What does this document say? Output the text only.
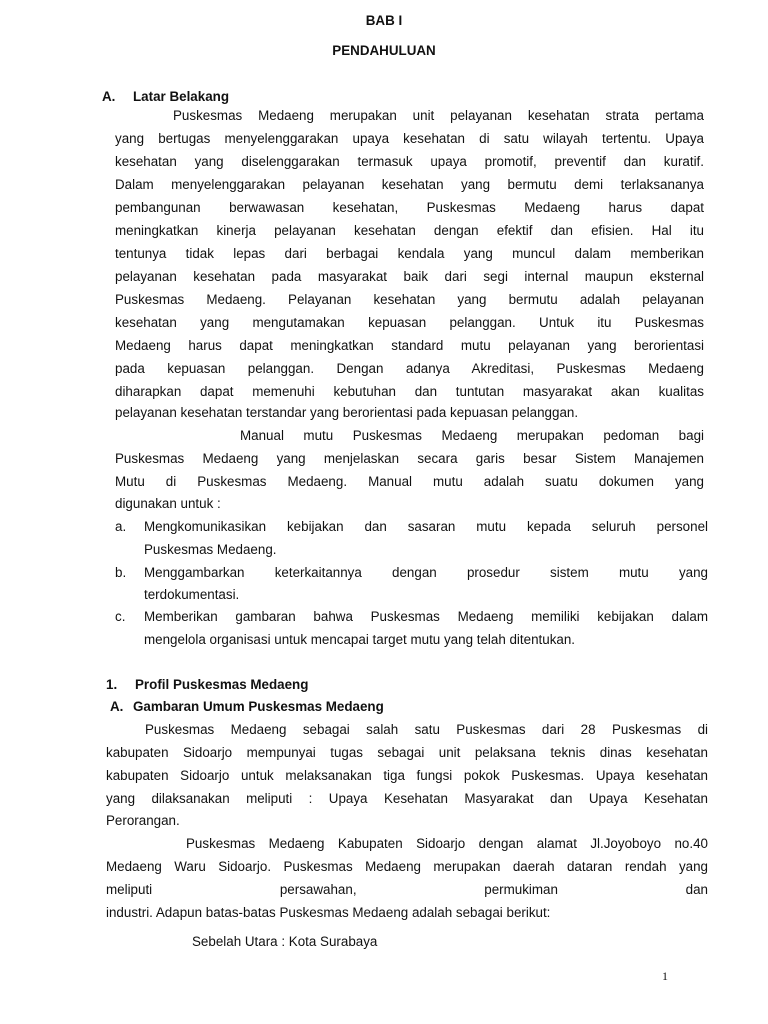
BAB I

PENDAHULUAN

A. Latar Belakang

Puskesmas Medaeng merupakan unit pelayanan kesehatan strata pertama

yang bertugas menyelenggarakan upaya kesehatan di satu wilayah tertentu. Upaya

kesehatan yang diselenggarakan termasuk upaya promotif, preventif dan kuratif.

Dalam menyelenggarakan pelayanan kesehatan yang bermutu demi terlaksananya

pembangunan berwawasan kesehatan, Puskesmas Medaeng harus dapat

meningkatkan kinerja pelayanan kesehatan dengan efektif dan efisien. Hal itu

tentunya tidak lepas dari berbagai kendala yang muncul dalam memberikan

pelayanan kesehatan pada masyarakat baik dari segi internal maupun eksternal

Puskesmas Medaeng. Pelayanan kesehatan yang bermutu adalah pelayanan

kesehatan yang mengutamakan kepuasan pelanggan. Untuk itu Puskesmas

Medaeng harus dapat meningkatkan standard mutu pelayanan yang berorientasi

pada kepuasan pelanggan. Dengan adanya Akreditasi, Puskesmas Medaeng

diharapkan dapat memenuhi kebutuhan dan tuntutan masyarakat akan kualitas

pelayanan kesehatan terstandar yang berorientasi pada kepuasan pelanggan.

Manual mutu Puskesmas Medaeng merupakan pedoman bagi

Puskesmas Medaeng yang menjelaskan secara garis besar Sistem Manajemen

Mutu di Puskesmas Medaeng. Manual mutu adalah suatu dokumen yang

digunakan untuk :

a. Mengkomunikasikan kebijakan dan sasaran mutu kepada seluruh personel

Puskesmas Medaeng.

b. Menggambarkan keterkaitannya dengan prosedur sistem mutu yang

terdokumentasi.

c. Memberikan gambaran bahwa Puskesmas Medaeng memiliki kebijakan dalam

mengelola organisasi untuk mencapai target mutu yang telah ditentukan.

1. Profil Puskesmas Medaeng

A. Gambaran Umum Puskesmas Medaeng

Puskesmas Medaeng sebagai salah satu Puskesmas dari 28 Puskesmas di

kabupaten Sidoarjo mempunyai tugas sebagai unit pelaksana teknis dinas kesehatan

kabupaten Sidoarjo untuk melaksanakan tiga fungsi pokok Puskesmas. Upaya kesehatan

yang dilaksanakan meliputi : Upaya Kesehatan Masyarakat dan Upaya Kesehatan

Perorangan.

Puskesmas Medaeng Kabupaten Sidoarjo dengan alamat Jl.Joyoboyo no.40

Medaeng Waru Sidoarjo. Puskesmas Medaeng merupakan daerah dataran rendah yang

meliputi persawahan, permukiman dan

industri. Adapun batas-batas Puskesmas Medaeng adalah sebagai berikut:

Sebelah Utara : Kota Surabaya

1
